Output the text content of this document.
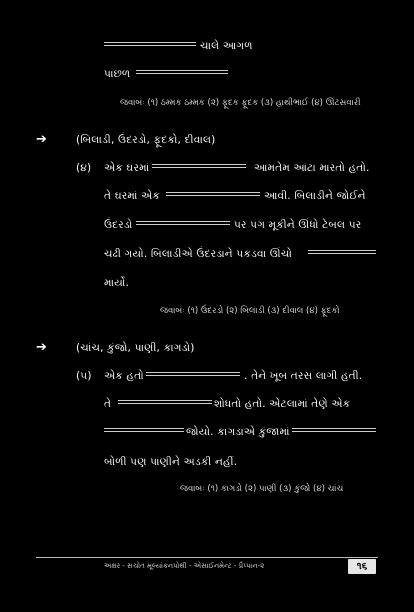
ચાલે આગળ
પાછળ
જવાબઃ (૧) ઠમ્મક ઠમ્મક (૨) ફૂદક ફૂદક (૩) હાથીભાઈ (૪) ઊંટસવારી
➔	(બિલાડી, ઉંદરડો, ફૂદકો, દીવાલ)
(૪) એક ઘરમાં	આમતેમ આંટા મારતો હતો.
તે ઘરમાં એક	આવી. બિલાડીને જોઈને
ઉંદરડો	પર પગ મૂકીને ઊંધો ટેબલ પર
ચઢી ગયો. બિલાડીએ ઉંદરડાને પકડવા ઊંચો
માર્યો.
જવાબઃ (૧) ઉંદરડો (૨) બિલાડી (૩) દીવાલ (૪) ફૂદકો
➔	(ચાંચ, કુંજો, પાણી, કાગડો)
(૫) એક હતો	. તેને ખૂબ તરસ લાગી હતી.
તે	શોધતો હતો. એટલામાં તેણે એક
જોયો. કાગડાએ કુંજામાં
બોળી પણ પાણીને અડકી નહીં.
જવાબઃ (૧) કાગડો (૨) પાણી (૩) કુંજો (૪) ચાંચ
અક્ષર - સચોત મૂલ્યાંકનપોથી - એસાઈનમેન્ટ - પ્રૈપ્પાન-૨	૧૬
